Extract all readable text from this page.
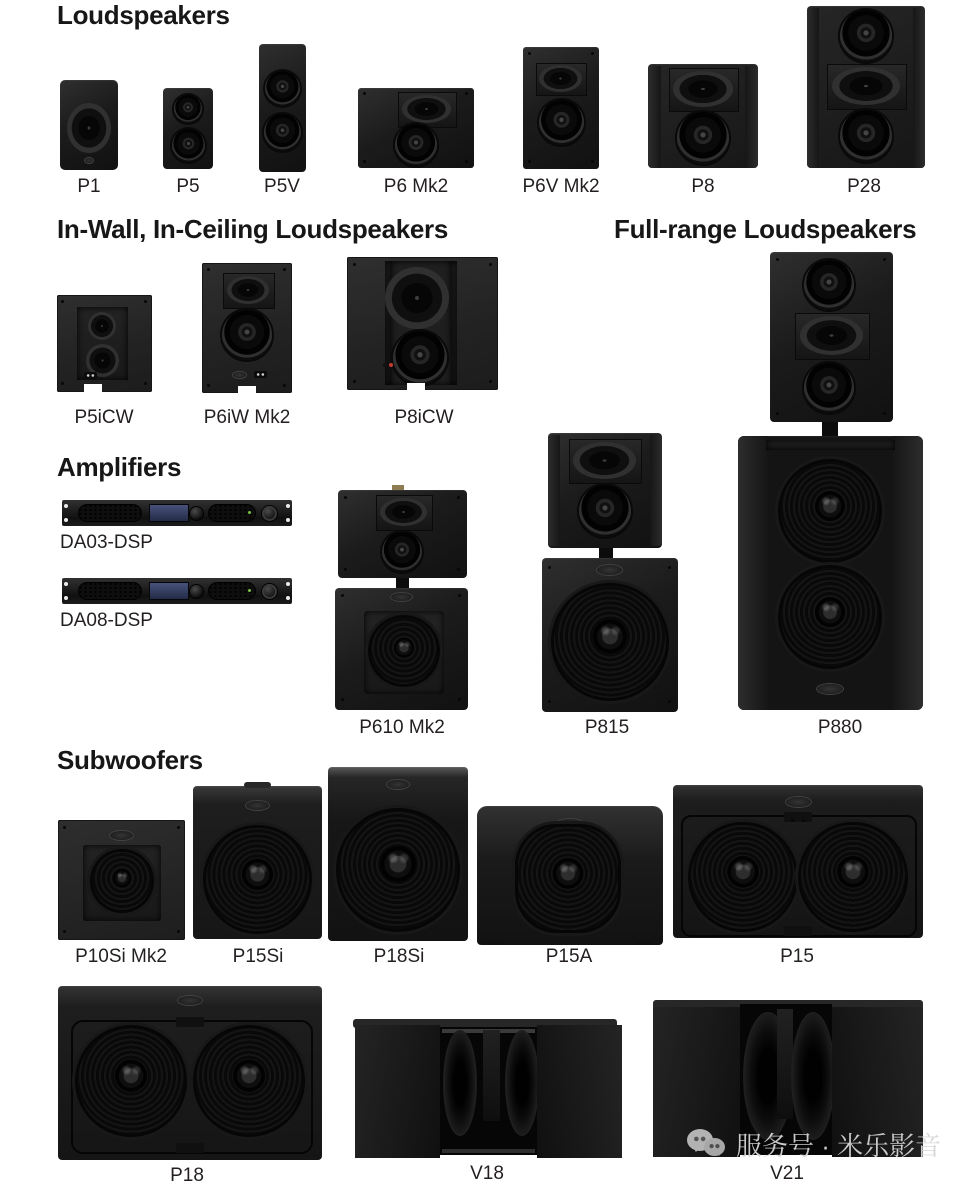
Loudspeakers
P1	P5	P5V	P6 Mk2	P6V Mk2	P8	P28
In-Wall, In-Ceiling Loudspeakers
P5iCW	P6iW Mk2	P8iCW
Full-range Loudspeakers
P610 Mk2	P815	P880
Amplifiers
DA03-DSP
DA08-DSP
Subwoofers
P10Si Mk2	P15Si	P18Si	P15A	P15
P18	V18	V21
服务号 · 米乐影音
